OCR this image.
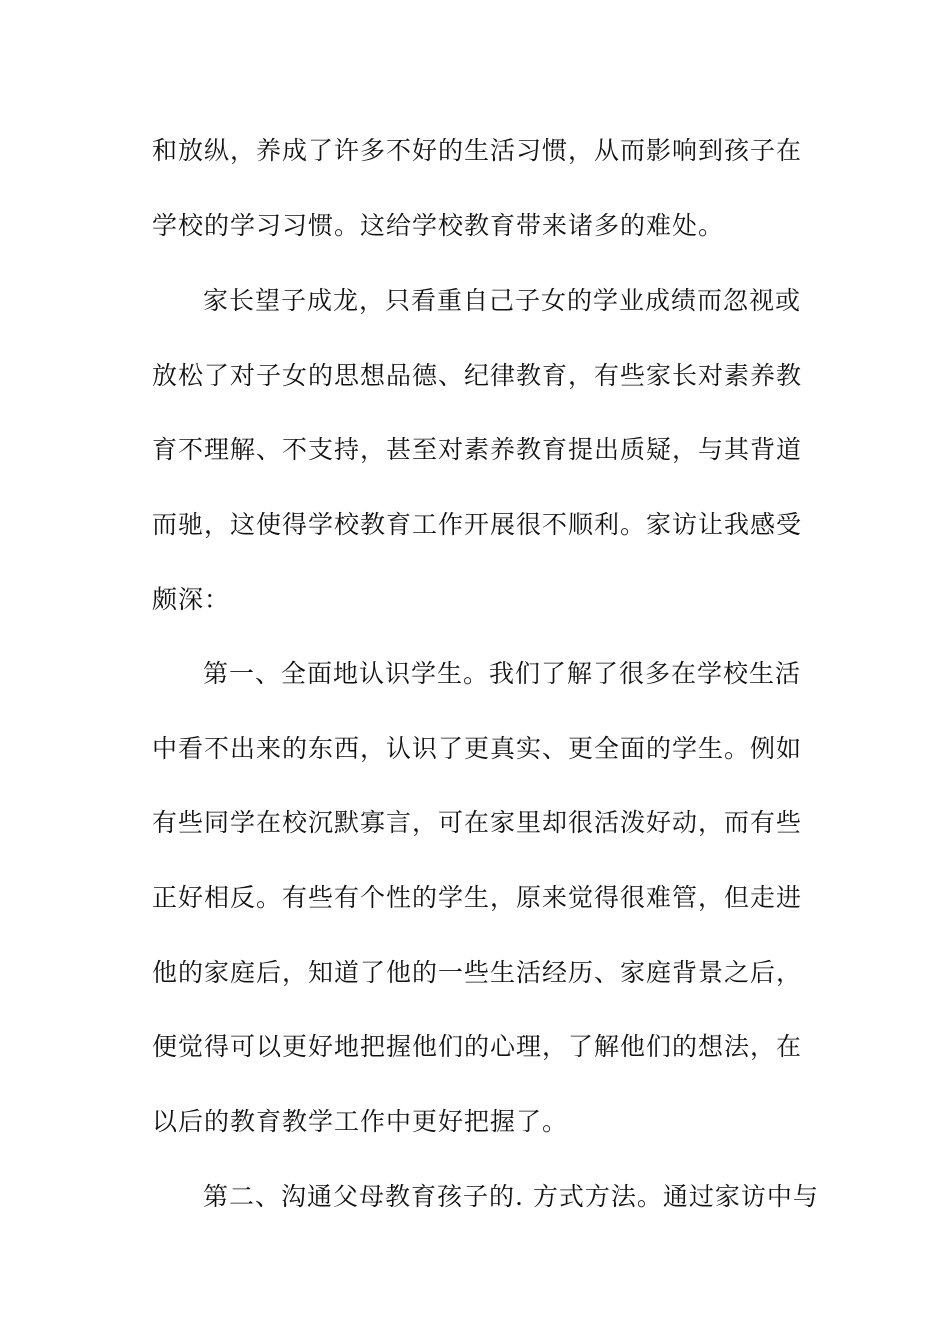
和放纵，养成了许多不好的生活习惯，从而影响到孩子在
学校的学习习惯。这给学校教育带来诸多的难处。
家长望子成龙，只看重自己子女的学业成绩而忽视或
放松了对子女的思想品德、纪律教育，有些家长对素养教
育不理解、不支持，甚至对素养教育提出质疑，与其背道
而驰，这使得学校教育工作开展很不顺利。家访让我感受
颇深：
第一、全面地认识学生。我们了解了很多在学校生活
中看不出来的东西，认识了更真实、更全面的学生。例如
有些同学在校沉默寡言，可在家里却很活泼好动，而有些
正好相反。有些有个性的学生，原来觉得很难管，但走进
他的家庭后，知道了他的一些生活经历、家庭背景之后，
便觉得可以更好地把握他们的心理，了解他们的想法，在
以后的教育教学工作中更好把握了。
第二、沟通父母教育孩子的. 方式方法。通过家访中与
